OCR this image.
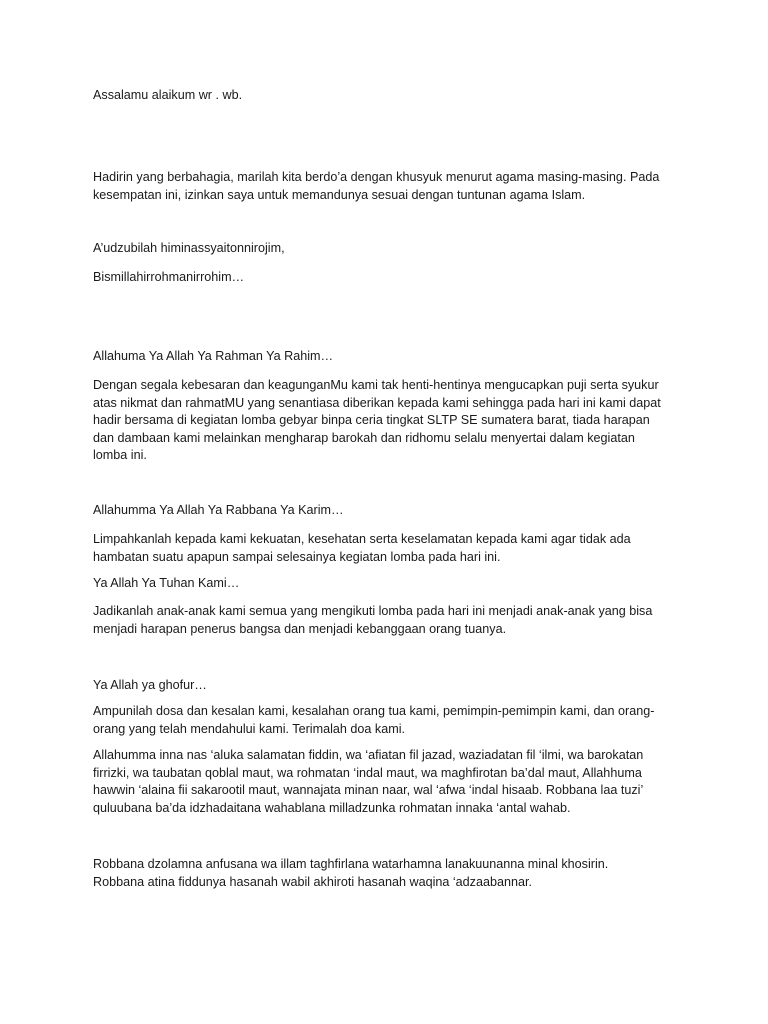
Assalamu alaikum wr . wb.

Hadirin yang berbahagia, marilah kita berdo’a dengan khusyuk menurut agama masing-masing. Pada
kesempatan ini, izinkan saya untuk memandunya sesuai dengan tuntunan agama Islam.

A’udzubilah himinassyaitonnirojim,

Bismillahirrohmanirrohim…

Allahuma Ya Allah Ya Rahman Ya Rahim…

Dengan segala kebesaran dan keagunganMu kami tak henti-hentinya mengucapkan puji serta syukur
atas nikmat dan rahmatMU yang senantiasa diberikan kepada kami sehingga pada hari ini kami dapat
hadir bersama di kegiatan lomba gebyar binpa ceria tingkat SLTP SE sumatera barat, tiada harapan
dan dambaan kami melainkan mengharap barokah dan ridhomu selalu menyertai dalam kegiatan
lomba ini.

Allahumma Ya Allah Ya Rabbana Ya Karim…

Limpahkanlah kepada kami kekuatan, kesehatan serta keselamatan kepada kami agar tidak ada
hambatan suatu apapun sampai selesainya kegiatan lomba pada hari ini.

Ya Allah Ya Tuhan Kami…

Jadikanlah anak-anak kami semua yang mengikuti lomba pada hari ini menjadi anak-anak yang bisa
menjadi harapan penerus bangsa dan menjadi kebanggaan orang tuanya.

Ya Allah ya ghofur…

Ampunilah dosa dan kesalan kami, kesalahan orang tua kami, pemimpin-pemimpin kami, dan orang-
orang yang telah mendahului kami. Terimalah doa kami.

Allahumma inna nas ‘aluka salamatan fiddin, wa ‘afiatan fil jazad, waziadatan fil ‘ilmi, wa barokatan
firrizki, wa taubatan qoblal maut, wa rohmatan ‘indal maut, wa maghfirotan ba’dal maut, Allahhuma
hawwin ‘alaina fii sakarootil maut, wannajata minan naar, wal ‘afwa ‘indal hisaab. Robbana laa tuzi’
quluubana ba’da idzhadaitana wahablana milladzunka rohmatan innaka ‘antal wahab.

Robbana dzolamna anfusana wa illam taghfirlana watarhamna lanakuunanna minal khosirin.
Robbana atina fiddunya hasanah wabil akhiroti hasanah waqina ‘adzaabannar.
